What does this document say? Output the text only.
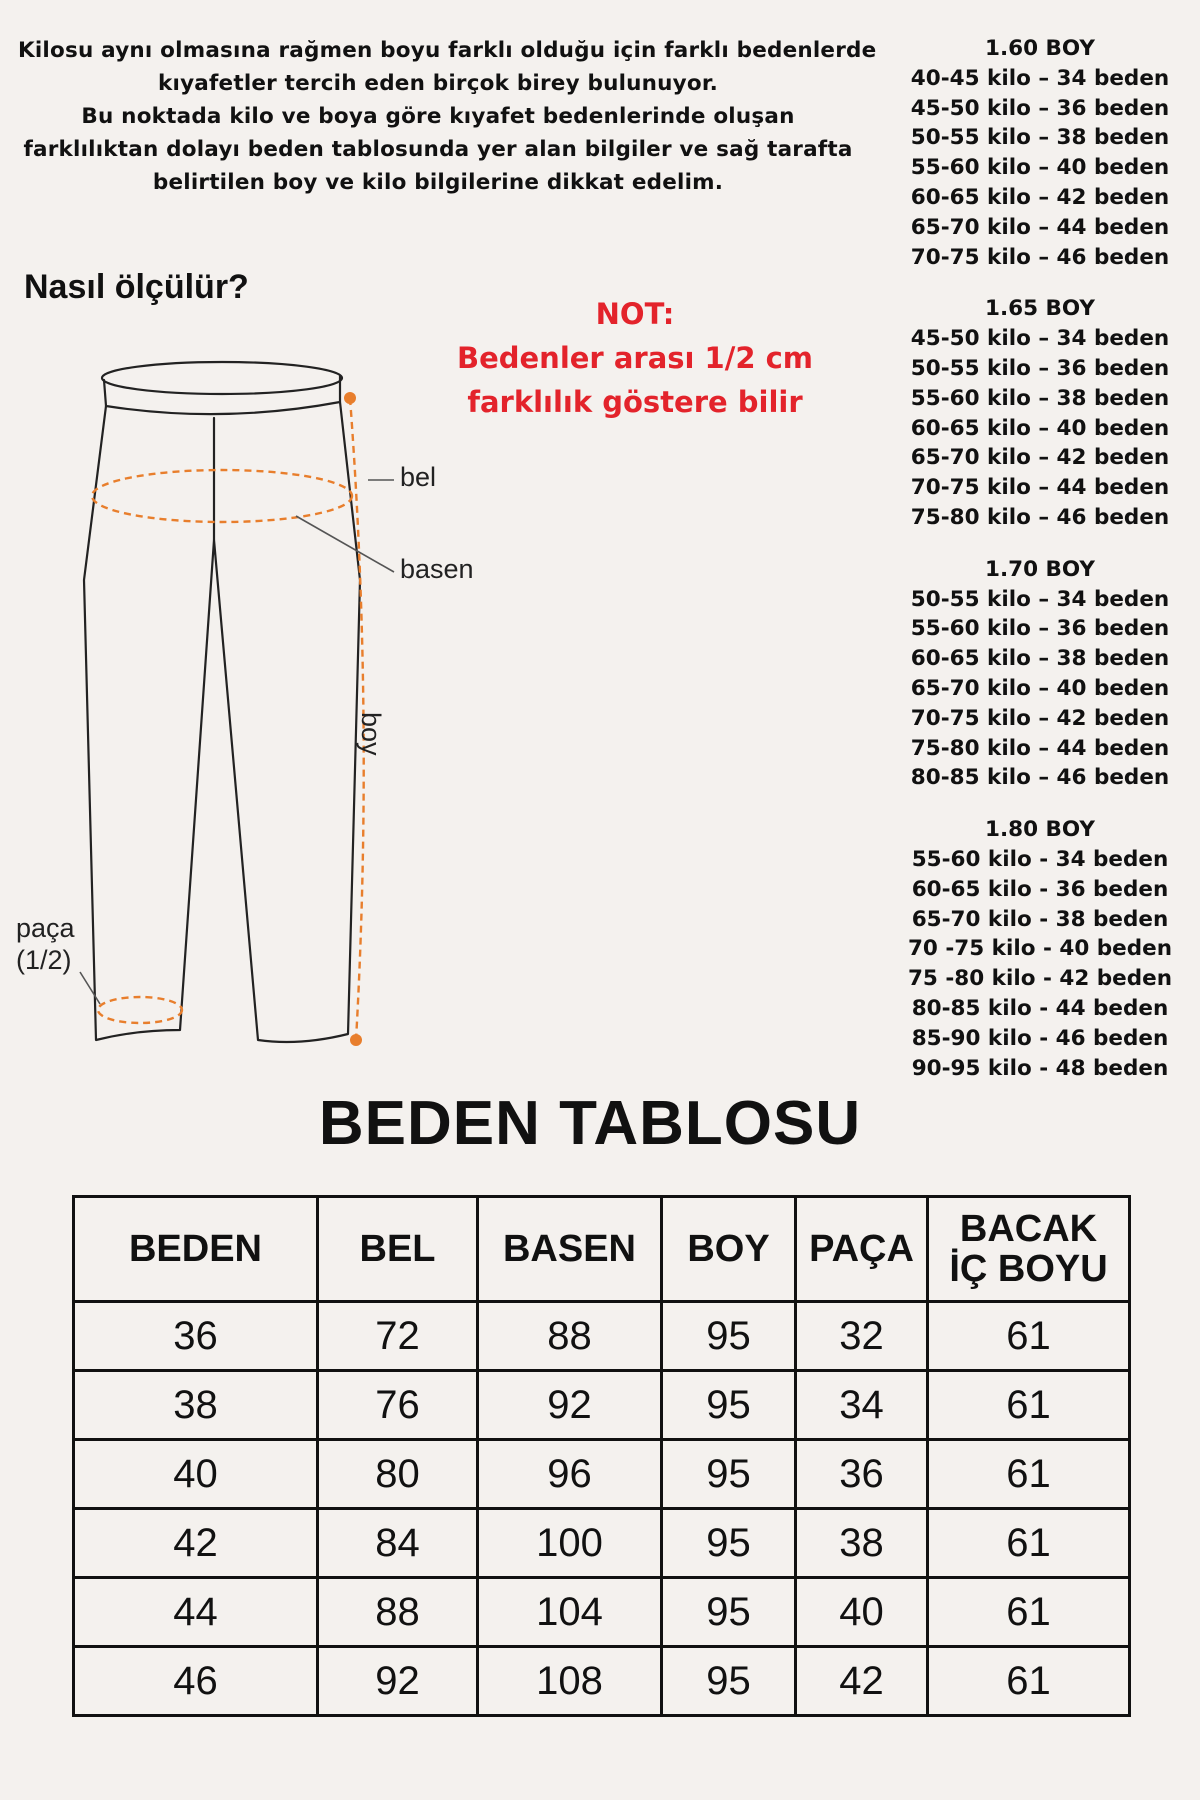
Kilosu aynı olmasına rağmen boyu farklı olduğu için farklı bedenlerde
kıyafetler tercih eden birçok birey bulunuyor.
Bu noktada kilo ve boya göre kıyafet bedenlerinde oluşan
farklılıktan dolayı beden tablosunda yer alan bilgiler ve sağ tarafta
belirtilen boy ve kilo bilgilerine dikkat edelim.
Nasıl ölçülür?
NOT:
Bedenler arası 1/2 cm
farklılık göstere bilir
1.60 BOY
40-45 kilo – 34 beden
45-50 kilo – 36 beden
50-55 kilo – 38 beden
55-60 kilo – 40 beden
60-65 kilo – 42 beden
65-70 kilo – 44 beden
70-75 kilo – 46 beden
1.65 BOY
45-50 kilo – 34 beden
50-55 kilo – 36 beden
55-60 kilo – 38 beden
60-65 kilo – 40 beden
65-70 kilo – 42 beden
70-75 kilo – 44 beden
75-80 kilo – 46 beden
1.70 BOY
50-55 kilo – 34 beden
55-60 kilo – 36 beden
60-65 kilo – 38 beden
65-70 kilo – 40 beden
70-75 kilo – 42 beden
75-80 kilo – 44 beden
80-85 kilo – 46 beden
1.80 BOY
55-60 kilo - 34 beden
60-65 kilo - 36 beden
65-70 kilo - 38 beden
70 -75 kilo - 40 beden
75 -80 kilo - 42 beden
80-85 kilo - 44 beden
85-90 kilo - 46 beden
90-95 kilo - 48 beden
bel
basen
boy
paça
(1/2)
BEDEN TABLOSU
BEDEN	BEL	BASEN	BOY	PAÇA	BACAK
İÇ BOYU
36	72	88	95	32	61
38	76	92	95	34	61
40	80	96	95	36	61
42	84	100	95	38	61
44	88	104	95	40	61
46	92	108	95	42	61
